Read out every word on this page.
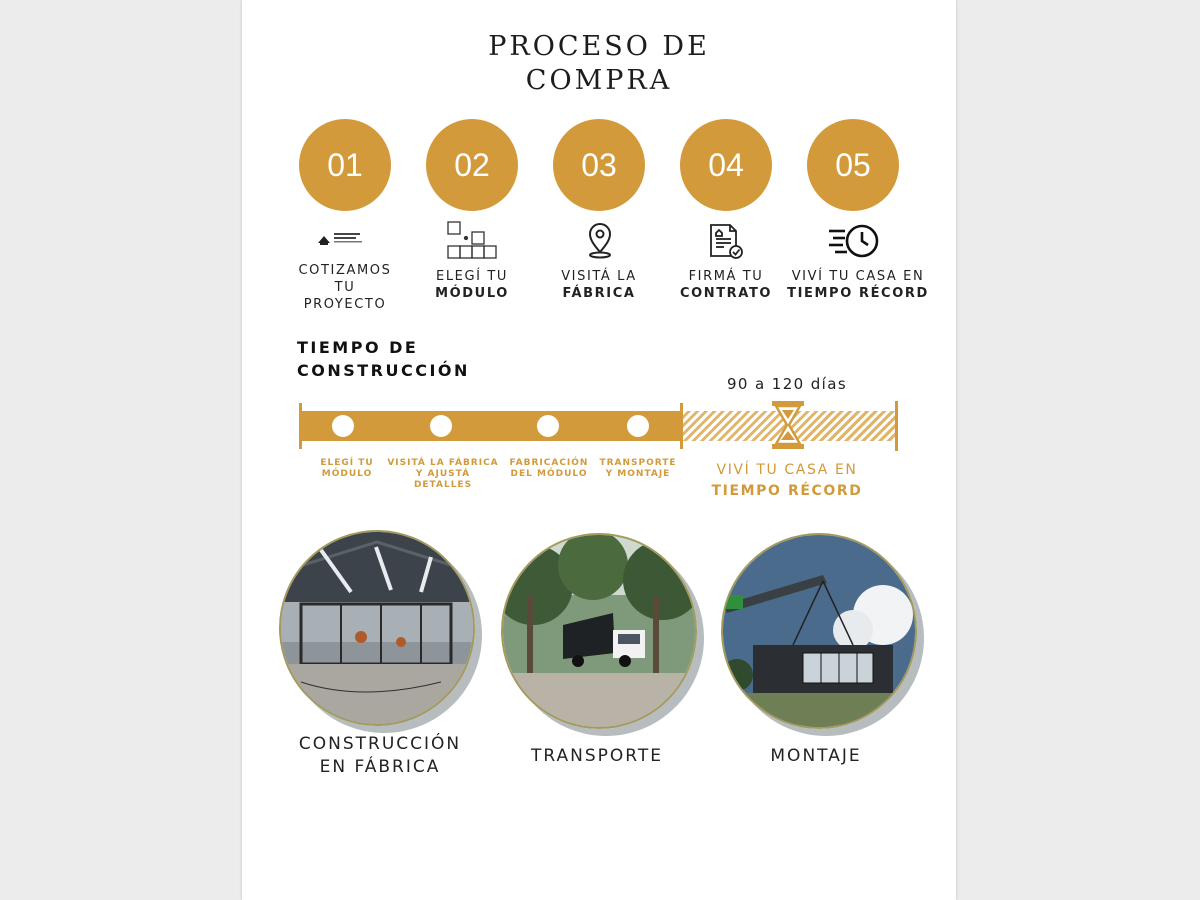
PROCESO DE
COMPRA
01
COTIZAMOS
TU
PROYECTO
02
ELEGÍ TU
MÓDULO
03
VISITÁ LA
FÁBRICA
04
FIRMÁ TU
CONTRATO
05
VIVÍ TU CASA EN
TIEMPO RÉCORD
TIEMPO DE
CONSTRUCCIÓN
90 a 120 días
ELEGÍ TU
MÓDULO
VISITÁ LA FÁBRICA
Y AJUSTÁ DETALLES
FABRICACIÓN
DEL MÓDULO
TRANSPORTE
Y MONTAJE	VIVÍ TU CASA EN
TIEMPO RÉCORD
CONSTRUCCIÓN
EN FÁBRICA
TRANSPORTE	MONTAJE
